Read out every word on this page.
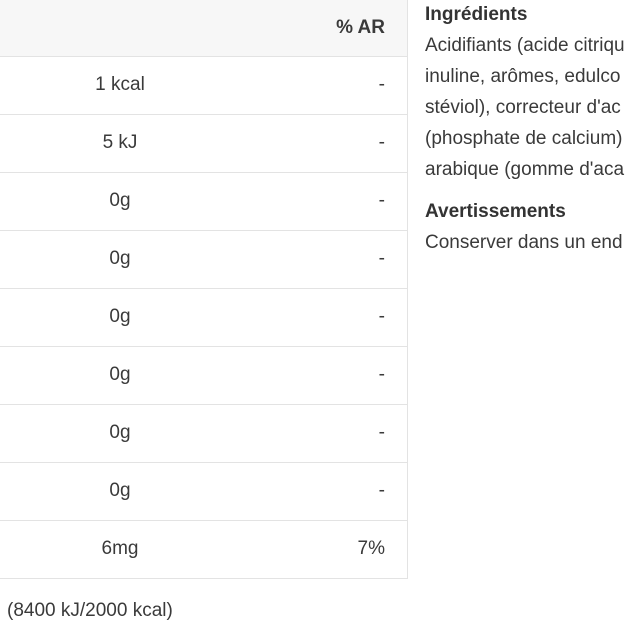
	% AR
1 kcal	-
5 kJ	-
0g	-
0g	-
0g	-
0g	-
0g	-
0g	-
6mg	7%
(8400 kJ/2000 kcal)
Ingrédients

Acidifiants (acide citriqu
inuline, arômes, edulco
stéviol), correcteur d'ac
(phosphate de calcium)
arabique (gomme d'aca

Avertissements

Conserver dans un end
